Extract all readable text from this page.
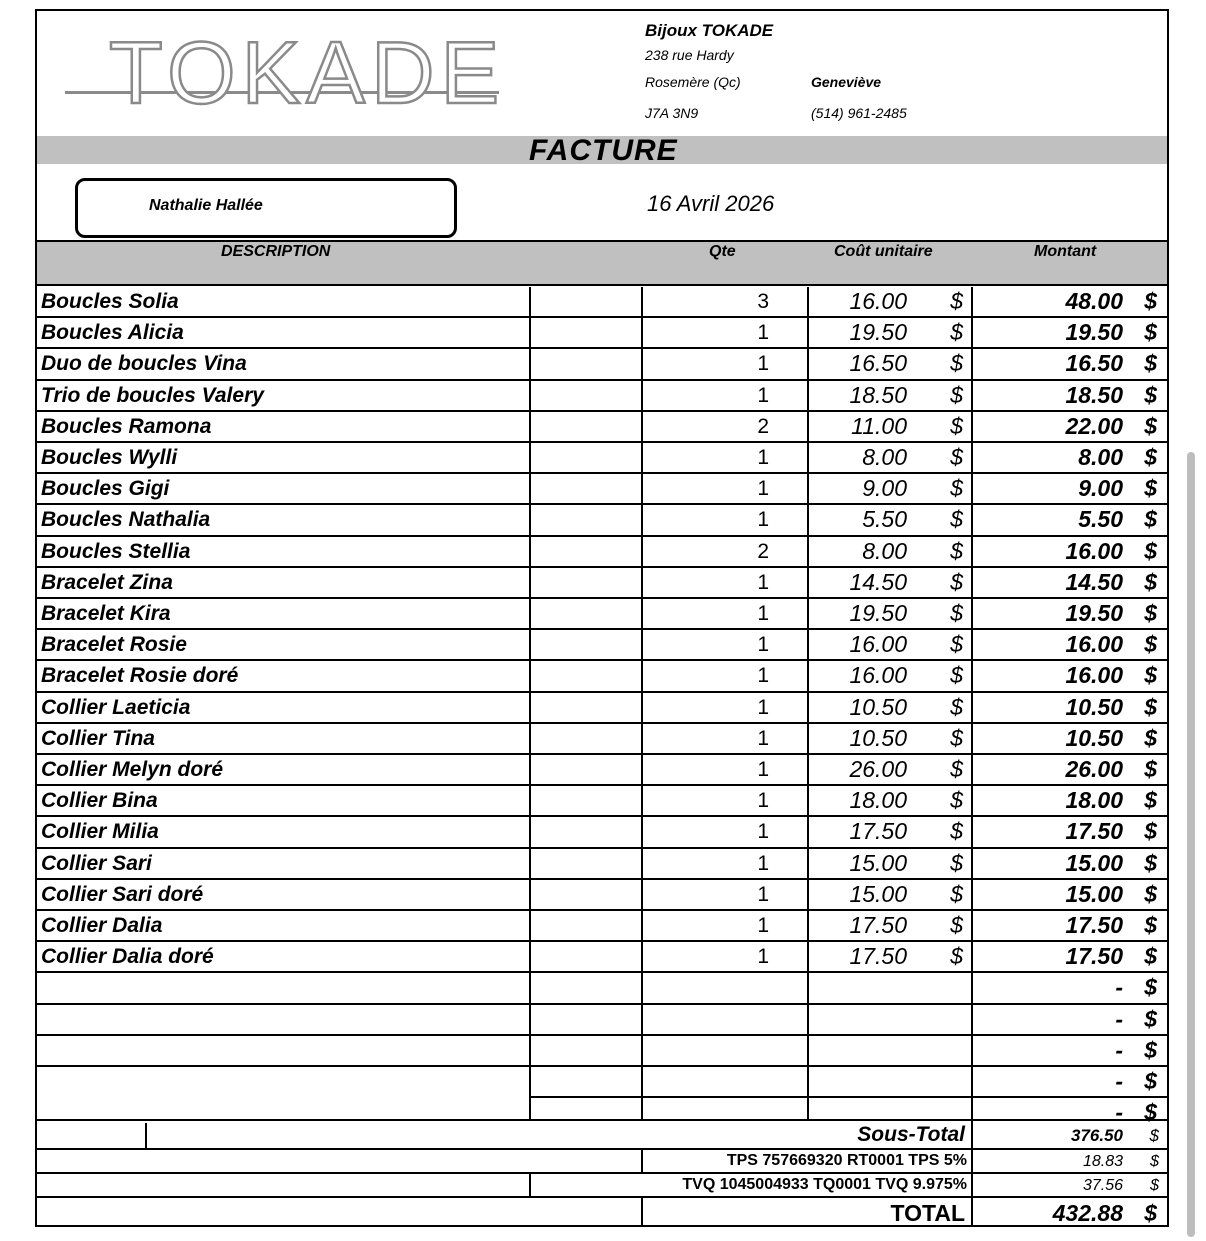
TOKADE	Bijoux TOKADE
238 rue Hardy
Rosemère (Qc)	Geneviève
J7A 3N9	(514) 961-2485
FACTURE
Nathalie Hallée	16 Avril 2026
DESCRIPTION	Qte	Coût unitaire	Montant
Boucles Solia	3	16.00 $	48.00 $
Boucles Alicia	1	19.50 $	19.50 $
Duo de boucles Vina	1	16.50 $	16.50 $
Trio de boucles Valery	1	18.50 $	18.50 $
Boucles Ramona	2	11.00 $	22.00 $
Boucles Wylli	1	8.00 $	8.00 $
Boucles Gigi	1	9.00 $	9.00 $
Boucles Nathalia	1	5.50 $	5.50 $
Boucles Stellia	2	8.00 $	16.00 $
Bracelet Zina	1	14.50 $	14.50 $
Bracelet Kira	1	19.50 $	19.50 $
Bracelet Rosie	1	16.00 $	16.00 $
Bracelet Rosie doré	1	16.00 $	16.00 $
Collier Laeticia	1	10.50 $	10.50 $
Collier Tina	1	10.50 $	10.50 $
Collier Melyn doré	1	26.00 $	26.00 $
Collier Bina	1	18.00 $	18.00 $
Collier Milia	1	17.50 $	17.50 $
Collier Sari	1	15.00 $	15.00 $
Collier Sari doré	1	15.00 $	15.00 $
Collier Dalia	1	17.50 $	17.50 $
Collier Dalia doré	1	17.50 $	17.50 $
- $
- $
- $
- $
- $
Sous-Total	376.50 $
TPS 757669320 RT0001 TPS 5%	18.83 $
TVQ 1045004933 TQ0001 TVQ 9.975%	37.56 $
TOTAL	432.88 $
